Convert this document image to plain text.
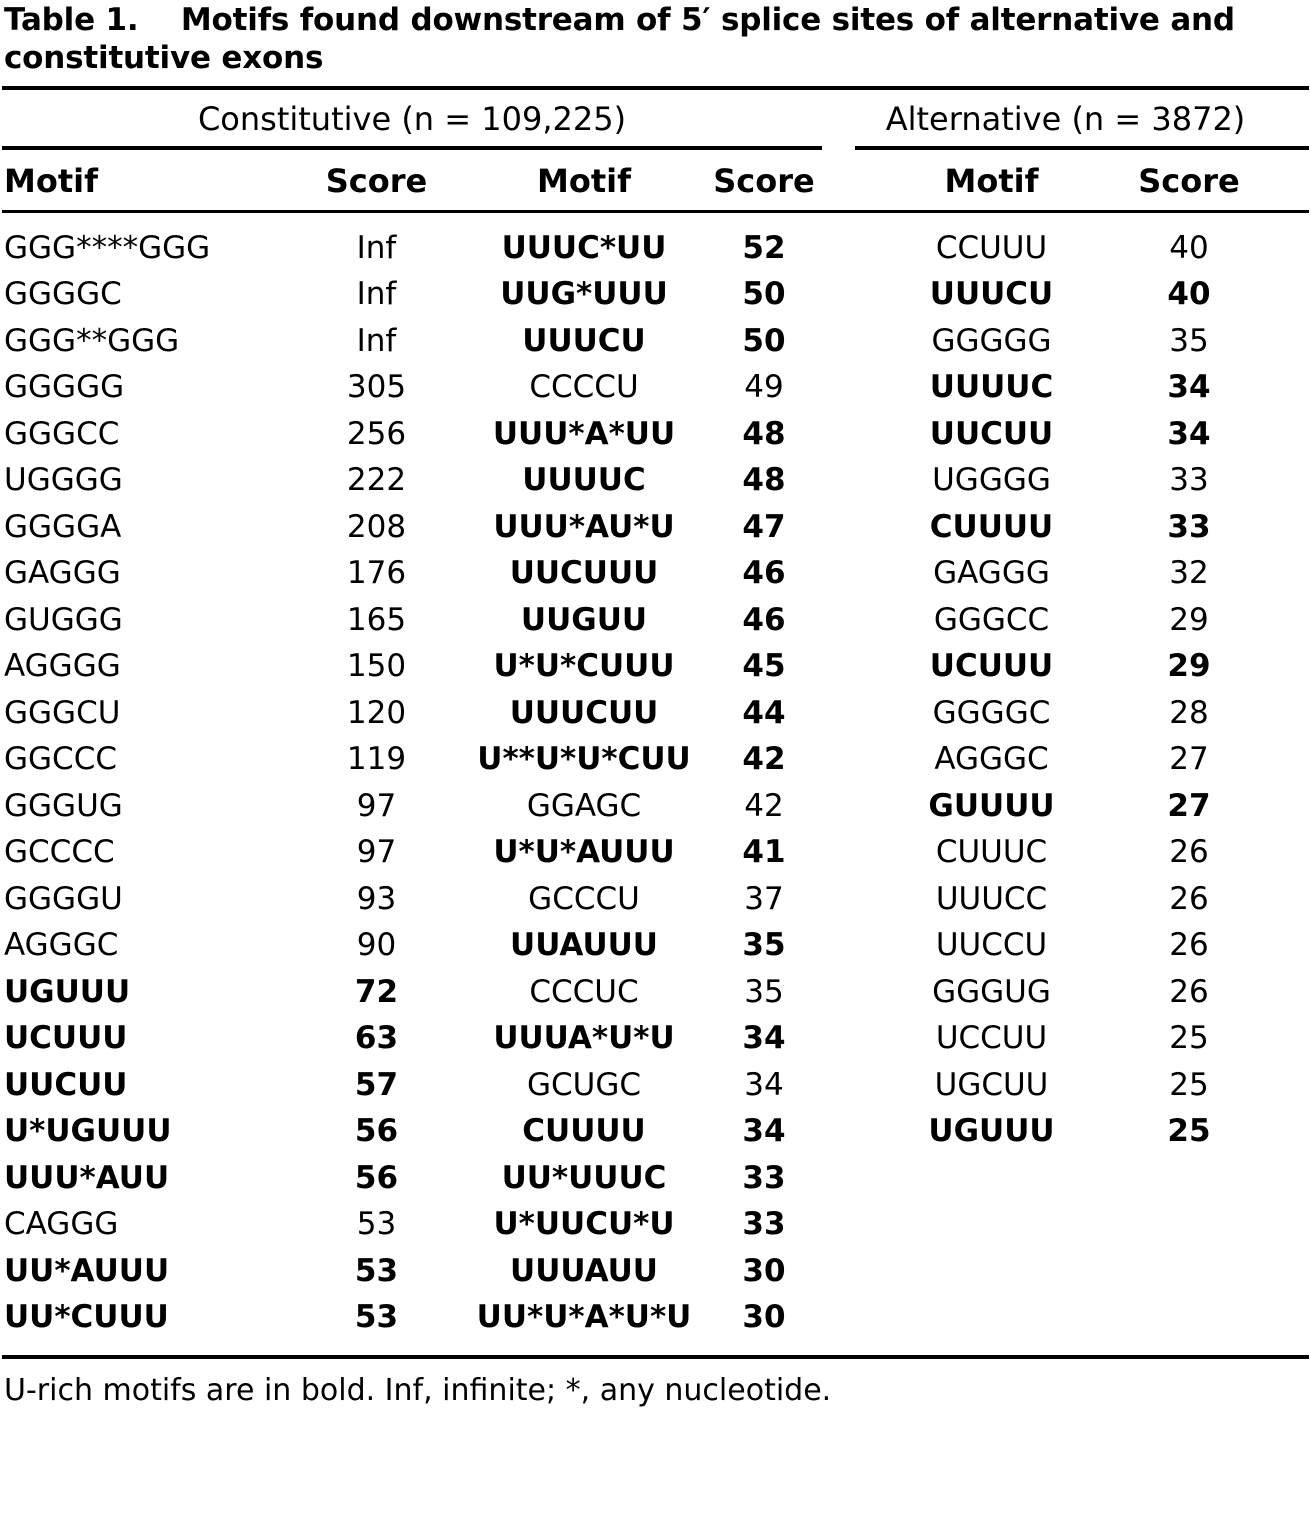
Table 1. Motifs found downstream of 5′ splice sites of alternative and constitutive exons
Constitutive (n = 109,225)	Alternative (n = 3872)
Motif	Score	Motif	Score	Motif	Score
GGG****GGG	Inf	UUUC*UU	52	CCUUU	40
GGGGC	Inf	UUG*UUU	50	UUUCU	40
GGG**GGG	Inf	UUUCU	50	GGGGG	35
GGGGG	305	CCCCU	49	UUUUC	34
GGGCC	256	UUU*A*UU	48	UUCUU	34
UGGGG	222	UUUUC	48	UGGGG	33
GGGGA	208	UUU*AU*U	47	CUUUU	33
GAGGG	176	UUCUUU	46	GAGGG	32
GUGGG	165	UUGUU	46	GGGCC	29
AGGGG	150	U*U*CUUU	45	UCUUU	29
GGGCU	120	UUUCUU	44	GGGGC	28
GGCCC	119	U**U*U*CUU	42	AGGGC	27
GGGUG	97	GGAGC	42	GUUUU	27
GCCCC	97	U*U*AUUU	41	CUUUC	26
GGGGU	93	GCCCU	37	UUUCC	26
AGGGC	90	UUAUUU	35	UUCCU	26
UGUUU	72	CCCUC	35	GGGUG	26
UCUUU	63	UUUA*U*U	34	UCCUU	25
UUCUU	57	GCUGC	34	UGCUU	25
U*UGUUU	56	CUUUU	34	UGUUU	25
UUU*AUU	56	UU*UUUC	33
CAGGG	53	U*UUCU*U	33
UU*AUUU	53	UUUAUU	30
UU*CUUU	53	UU*U*A*U*U	30
U-rich motifs are in bold. Inf, infinite; *, any nucleotide.
